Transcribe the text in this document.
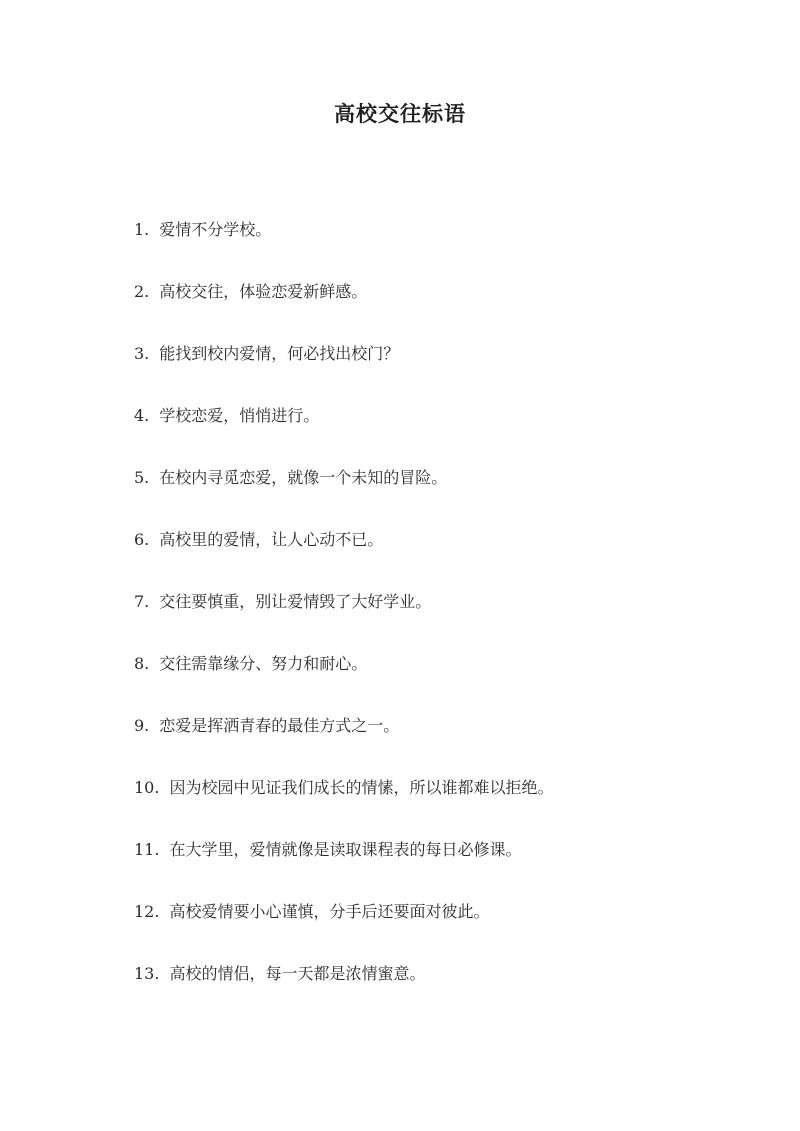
高校交往标语
1. 爱情不分学校。
2. 高校交往，体验恋爱新鲜感。
3. 能找到校内爱情，何必找出校门？
4. 学校恋爱，悄悄进行。
5. 在校内寻觅恋爱，就像一个未知的冒险。
6. 高校里的爱情，让人心动不已。
7. 交往要慎重，别让爱情毁了大好学业。
8. 交往需靠缘分、努力和耐心。
9. 恋爱是挥洒青春的最佳方式之一。
10. 因为校园中见证我们成长的情愫，所以谁都难以拒绝。
11. 在大学里，爱情就像是读取课程表的每日必修课。
12. 高校爱情要小心谨慎，分手后还要面对彼此。
13. 高校的情侣，每一天都是浓情蜜意。
